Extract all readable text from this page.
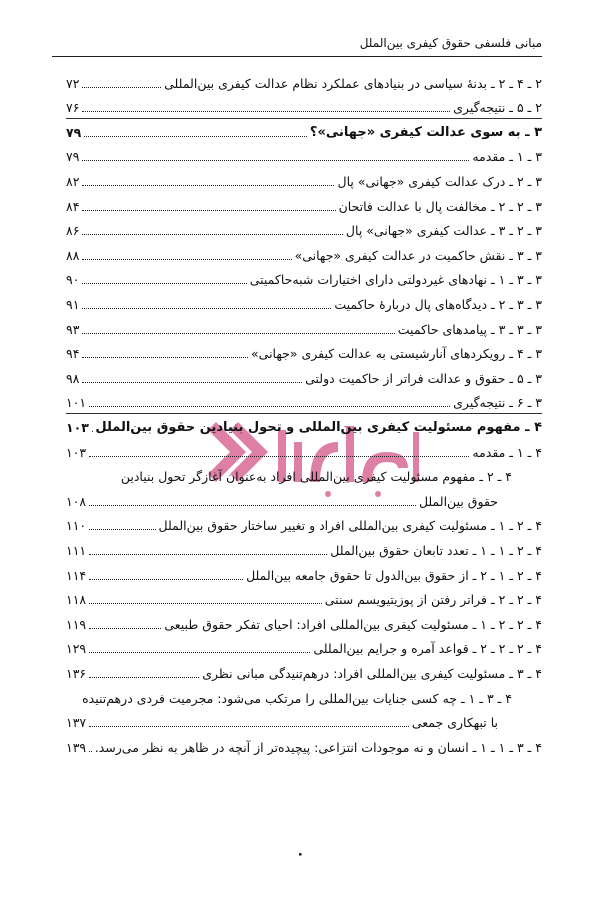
مبانی فلسفی حقوق کیفری بین‌الملل
۲ ـ ۴ ـ ۲ ـ بدنهٔ سیاسی در بنیادهای عملکرد نظام عدالت کیفری بین‌المللی
۷۲
۲ ـ ۵ ـ نتیجه‌گیری
۷۶
۳ ـ به سوی عدالت کیفری «جهانی»؟
۷۹
۳ ـ ۱ ـ مقدمه
۷۹
۳ ـ ۲ ـ درک عدالت کیفری «جهانی» پال
۸۲
۳ ـ ۲ ـ ۲ ـ مخالفت پال با عدالت فاتحان
۸۴
۳ ـ ۲ ـ ۳ ـ عدالت کیفری «جهانی» پال
۸۶
۳ ـ ۳ ـ نقش حاکمیت در عدالت کیفری «جهانی»
۸۸
۳ ـ ۳ ـ ۱ ـ نهادهای غیردولتی دارای اختیارات شبه‌حاکمیتی
۹۰
۳ ـ ۳ ـ ۲ ـ دیدگاه‌های پال دربارهٔ حاکمیت
۹۱
۳ ـ ۳ ـ ۳ ـ پیامدهای حاکمیت
۹۳
۳ ـ ۴ ـ رویکردهای آنارشیستی به عدالت کیفری «جهانی»
۹۴
۳ ـ ۵ ـ حقوق و عدالت فراتر از حاکمیت دولتی
۹۸
۳ ـ ۶ ـ نتیجه‌گیری
۱۰۱
۴ ـ مفهوم مسئولیت کیفری بین‌المللی و تحول بنیادین حقوق بین‌الملل
۱۰۳
۴ ـ ۱ ـ مقدمه
۱۰۳
۴ ـ ۲ ـ مفهوم مسئولیت کیفری بین‌المللی افراد به‌عنوان آغازگر تحول بنیادین
حقوق بین‌الملل
۱۰۸
۴ ـ ۲ ـ ۱ ـ مسئولیت کیفری بین‌المللی افراد و تغییر ساختار حقوق بین‌الملل
۱۱۰
۴ ـ ۲ ـ ۱ ـ ۱ ـ تعدد تابعان حقوق بین‌الملل
۱۱۱
۴ ـ ۲ ـ ۱ ـ ۲ ـ از حقوق بین‌الدول تا حقوق جامعه بین‌الملل
۱۱۴
۴ ـ ۲ ـ ۲ ـ فراتر رفتن از پوزیتیویسم سنتی
۱۱۸
۴ ـ ۲ ـ ۲ ـ ۱ ـ مسئولیت کیفری بین‌المللی افراد: احیای تفکر حقوق طبیعی
۱۱۹
۴ ـ ۲ ـ ۲ ـ ۲ ـ قواعد آمره و جرایم بین‌المللی
۱۲۹
۴ ـ ۳ ـ مسئولیت کیفری بین‌المللی افراد: درهم‌تنیدگی مبانی نظری
۱۳۶
۴ ـ ۳ ـ ۱ ـ چه کسی جنایات بین‌المللی را مرتکب می‌شود: مجرمیت فردی درهم‌تنیده
با تبهکاری جمعی
۱۳۷
۴ ـ ۳ ـ ۱ ـ ۱ ـ انسان و نه موجودات انتزاعی: پیچیده‌تر از آنچه در ظاهر به نظر می‌رسد.
۱۳۹
۰
